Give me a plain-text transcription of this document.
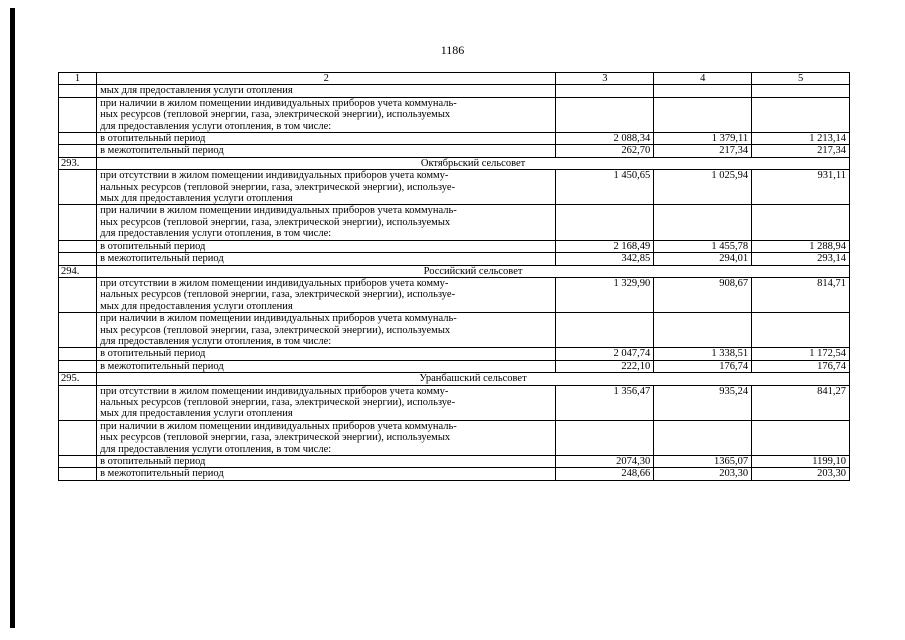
1186
1	2	3	4	5
	мых для предоставления услуги отопления			
	при наличии в жилом помещении индивидуальных приборов учета коммуналь-
ных ресурсов (тепловой энергии, газа, электрической энергии), используемых
для предоставления услуги отопления, в том числе:			
	в отопительный период	2 088,34	1 379,11	1 213,14
	в межотопительный период	262,70	217,34	217,34
293.	Октябрьский сельсовет			
	при отсутствии в жилом помещении индивидуальных приборов учета комму-
нальных ресурсов (тепловой энергии, газа, электрической энергии), используе-
мых для предоставления услуги отопления	1 450,65	1 025,94	931,11
	при наличии в жилом помещении индивидуальных приборов учета коммуналь-
ных ресурсов (тепловой энергии, газа, электрической энергии), используемых
для предоставления услуги отопления, в том числе:			
	в отопительный период	2 168,49	1 455,78	1 288,94
	в межотопительный период	342,85	294,01	293,14
294.	Российский сельсовет			
	при отсутствии в жилом помещении индивидуальных приборов учета комму-
нальных ресурсов (тепловой энергии, газа, электрической энергии), используе-
мых для предоставления услуги отопления	1 329,90	908,67	814,71
	при наличии в жилом помещении индивидуальных приборов учета коммуналь-
ных ресурсов (тепловой энергии, газа, электрической энергии), используемых
для предоставления услуги отопления, в том числе:			
	в отопительный период	2 047,74	1 338,51	1 172,54
	в межотопительный период	222,10	176,74	176,74
295.	Уранбашский сельсовет			
	при отсутствии в жилом помещении индивидуальных приборов учета комму-
нальных ресурсов (тепловой энергии, газа, электрической энергии), используе-
мых для предоставления услуги отопления	1 356,47	935,24	841,27
	при наличии в жилом помещении индивидуальных приборов учета коммуналь-
ных ресурсов (тепловой энергии, газа, электрической энергии), используемых
для предоставления услуги отопления, в том числе:			
	в отопительный период	2074,30	1365,07	1199,10
	в межотопительный период	248,66	203,30	203,30
